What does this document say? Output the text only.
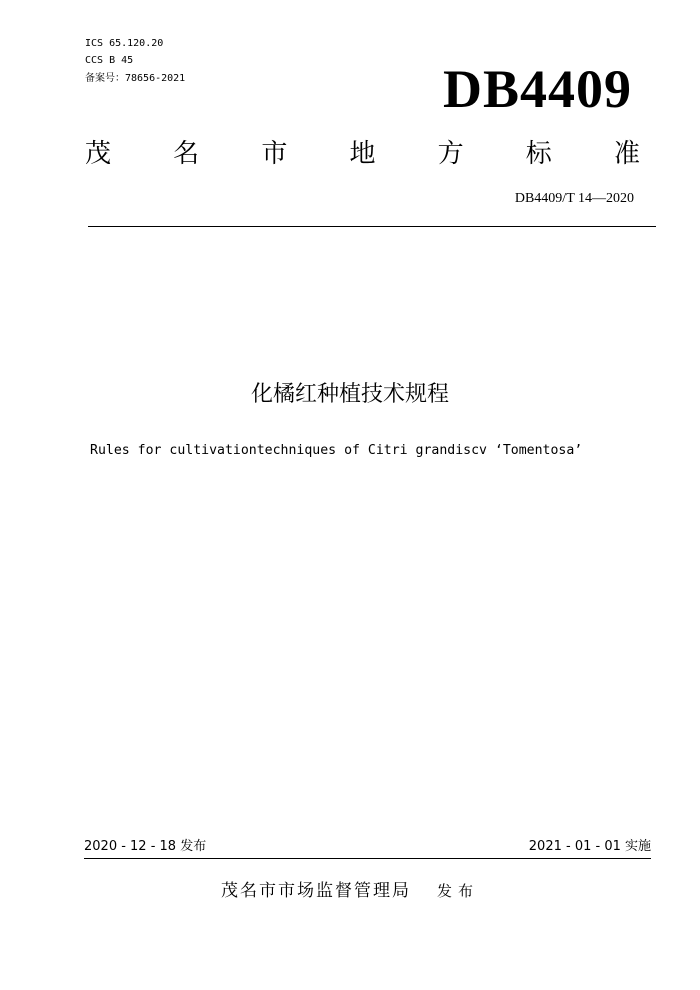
ICS 65.120.20
CCS B 45
备案号：78656-2021	DB4409
茂 名 市 地 方 标 准
DB4409/T 14—2020
化橘红种植技术规程
Rules for cultivationtechniques of Citri grandiscv ‘Tomentosa’
2020 - 12 - 18 发布	2021 - 01 - 01 实施
茂名市市场监督管理局 发布
